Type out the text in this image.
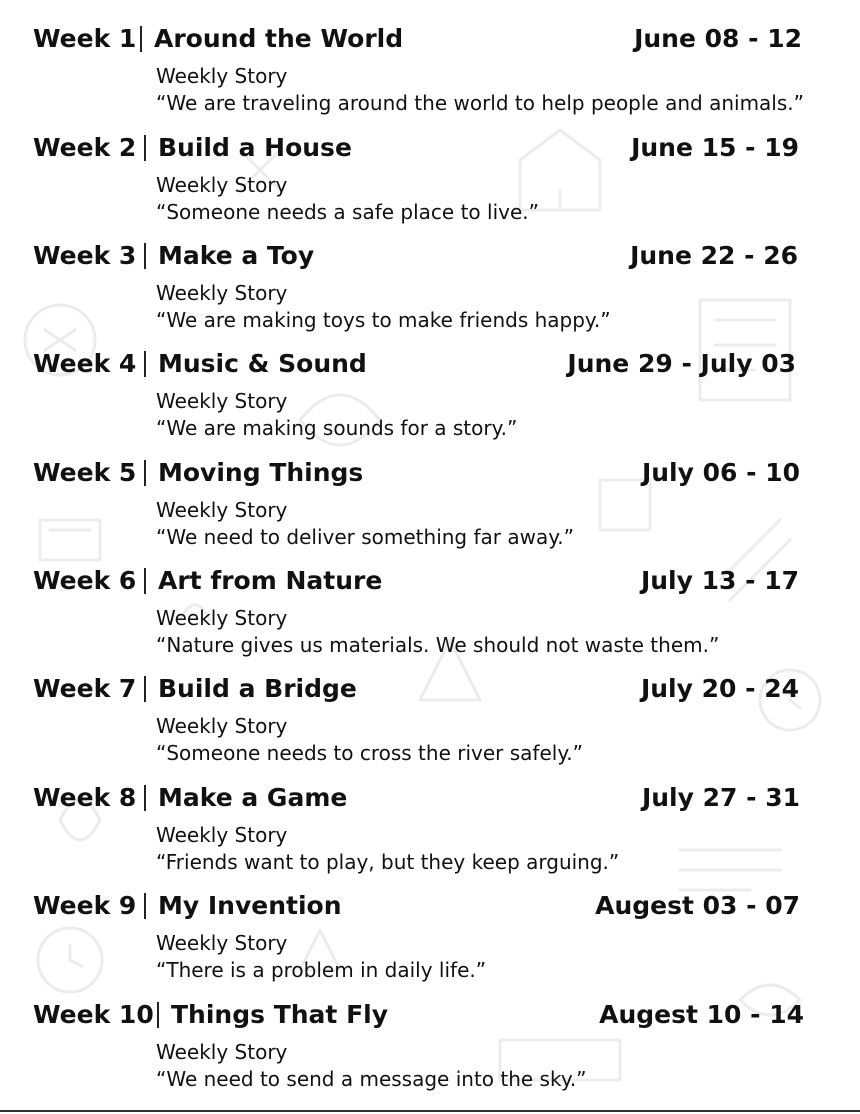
Week 1 Around the World	June 08 - 12
Weekly Story
“We are traveling around the world to help people and animals.”
Week 2 Build a House	June 15 - 19
Weekly Story
“Someone needs a safe place to live.”
Week 3 Make a Toy	June 22 - 26
Weekly Story
“We are making toys to make friends happy.”
Week 4 Music & Sound	June 29 - July 03
Weekly Story
“We are making sounds for a story.”
Week 5 Moving Things	July 06 - 10
Weekly Story
“We need to deliver something far away.”
Week 6 Art from Nature	July 13 - 17
Weekly Story
“Nature gives us materials. We should not waste them.”
Week 7 Build a Bridge	July 20 - 24
Weekly Story
“Someone needs to cross the river safely.”
Week 8 Make a Game	July 27 - 31
Weekly Story
“Friends want to play, but they keep arguing.”
Week 9 My Invention	Augest 03 - 07
Weekly Story
“There is a problem in daily life.”
Week 10 Things That Fly	Augest 10 - 14
Weekly Story
“We need to send a message into the sky.”
